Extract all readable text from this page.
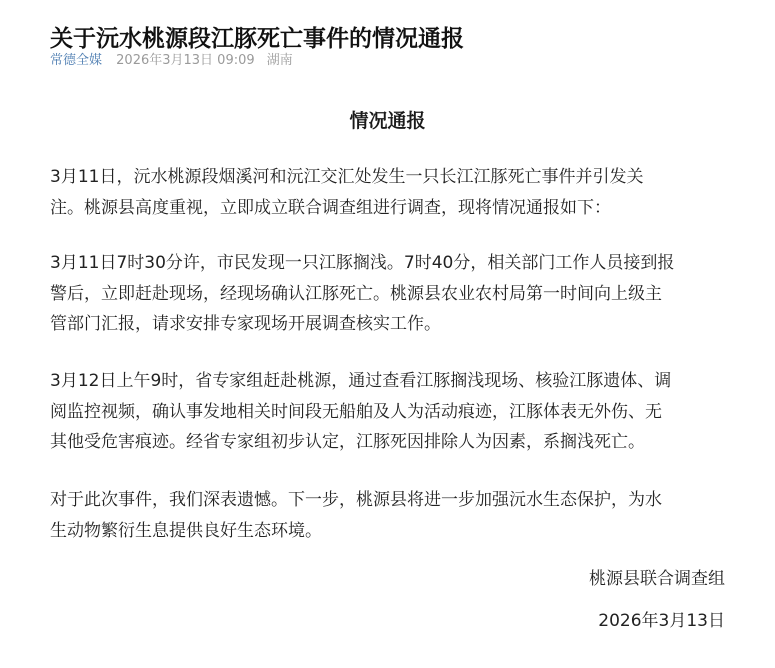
关于沅水桃源段江豚死亡事件的情况通报
常德全媒 2026年3月13日 09:09 湖南
情况通报

3月11日，沅水桃源段烟溪河和沅江交汇处发生一只长江江豚死亡事件并引发关
注。桃源县高度重视，立即成立联合调查组进行调查，现将情况通报如下：

3月11日7时30分许，市民发现一只江豚搁浅。7时40分，相关部门工作人员接到报
警后，立即赶赴现场，经现场确认江豚死亡。桃源县农业农村局第一时间向上级主
管部门汇报，请求安排专家现场开展调查核实工作。

3月12日上午9时，省专家组赶赴桃源，通过查看江豚搁浅现场、核验江豚遗体、调
阅监控视频，确认事发地相关时间段无船舶及人为活动痕迹，江豚体表无外伤、无
其他受危害痕迹。经省专家组初步认定，江豚死因排除人为因素，系搁浅死亡。

对于此次事件，我们深表遗憾。下一步，桃源县将进一步加强沅水生态保护，为水
生动物繁衍生息提供良好生态环境。

桃源县联合调查组
2026年3月13日
